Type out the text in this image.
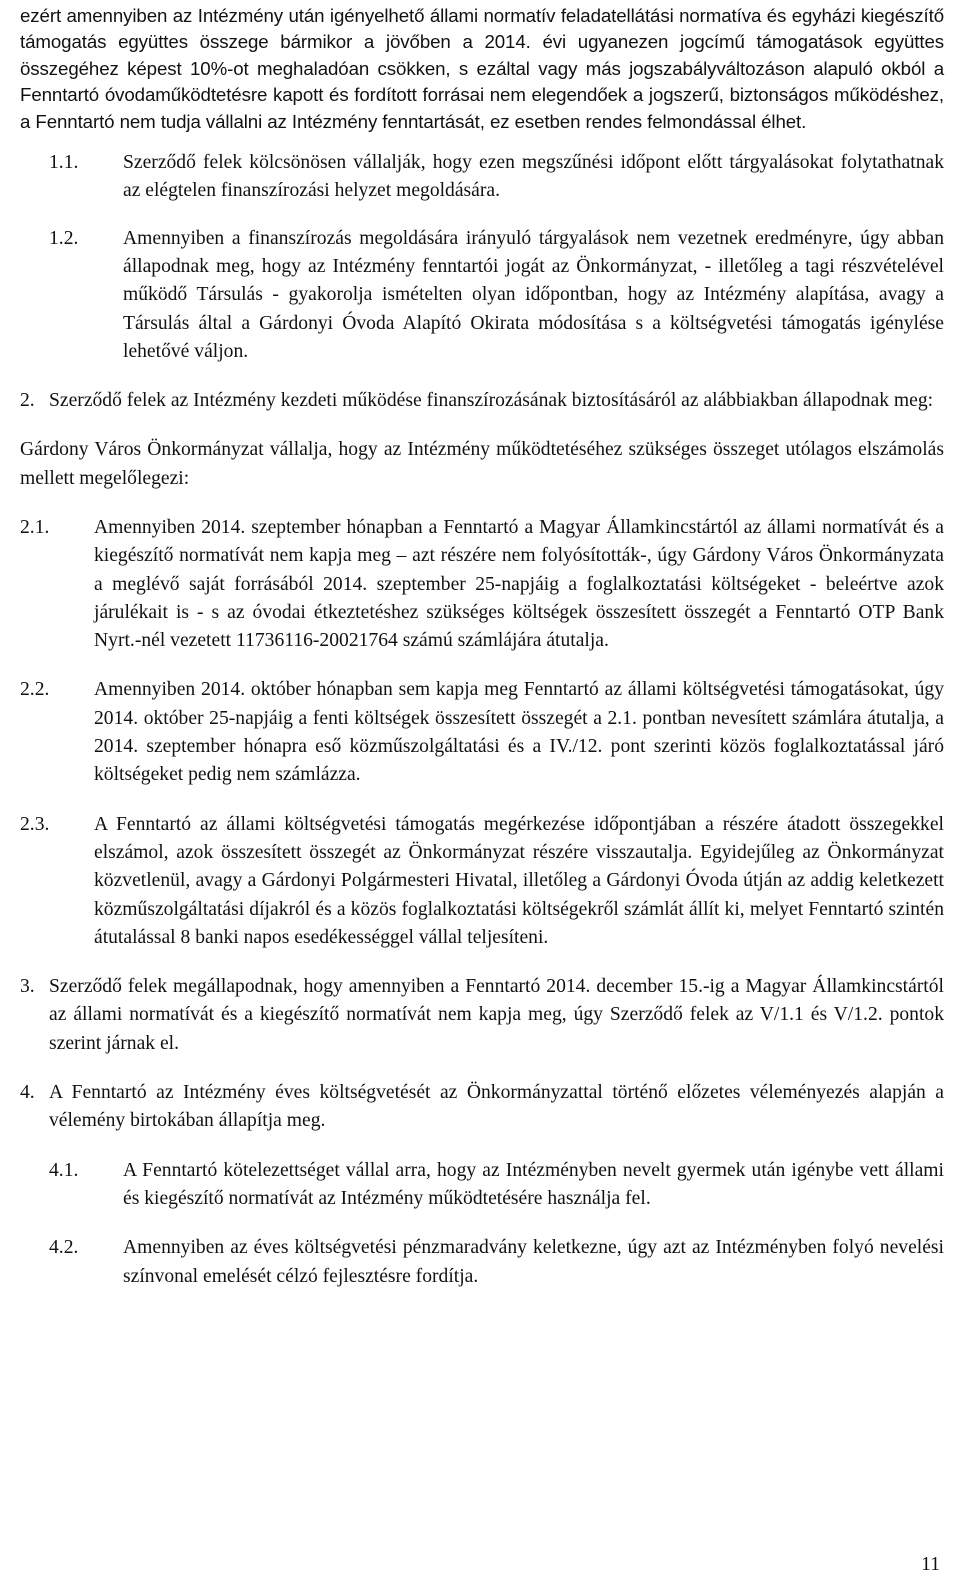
ezért amennyiben az Intézmény után igényelhető állami normatív feladatellátási normatíva és egyházi kiegészítő támogatás együttes összege bármikor a jövőben a 2014. évi ugyanezen jogcímű támogatások együttes összegéhez képest 10%-ot meghaladóan csökken, s ezáltal vagy más jogszabályváltozáson alapuló okból a Fenntartó óvodaműködtetésre kapott és fordított forrásai nem elegendőek a jogszerű, biztonságos működéshez, a Fenntartó nem tudja vállalni az Intézmény fenntartását, ez esetben rendes felmondással élhet.

1.1.	Szerződő felek kölcsönösen vállalják, hogy ezen megszűnési időpont előtt tárgyalásokat folytathatnak az elégtelen finanszírozási helyzet megoldására.

1.2.	Amennyiben a finanszírozás megoldására irányuló tárgyalások nem vezetnek eredményre, úgy abban állapodnak meg, hogy az Intézmény fenntartói jogát az Önkormányzat, - illetőleg a tagi részvételével működő Társulás - gyakorolja ismételten olyan időpontban, hogy az Intézmény alapítása, avagy a Társulás által a Gárdonyi Óvoda Alapító Okirata módosítása s a költségvetési támogatás igénylése lehetővé váljon.

2. Szerződő felek az Intézmény kezdeti működése finanszírozásának biztosításáról az alábbiakban állapodnak meg:

Gárdony Város Önkormányzat vállalja, hogy az Intézmény működtetéséhez szükséges összeget utólagos elszámolás mellett megelőlegezi:

2.1.	Amennyiben 2014. szeptember hónapban a Fenntartó a Magyar Államkincstártól az állami normatívát és a kiegészítő normatívát nem kapja meg – azt részére nem folyósították-, úgy Gárdony Város Önkormányzata a meglévő saját forrásából 2014. szeptember 25-napjáig a foglalkoztatási költségeket - beleértve azok járulékait is - s az óvodai étkeztetéshez szükséges költségek összesített összegét a Fenntartó OTP Bank Nyrt.-nél vezetett 11736116-20021764 számú számlájára átutalja.

2.2.	Amennyiben 2014. október hónapban sem kapja meg Fenntartó az állami költségvetési támogatásokat, úgy 2014. október 25-napjáig a fenti költségek összesített összegét a 2.1. pontban nevesített számlára átutalja, a 2014. szeptember hónapra eső közműszolgáltatási és a IV./12. pont szerinti közös foglalkoztatással járó költségeket pedig nem számlázza.

2.3.	A Fenntartó az állami költségvetési támogatás megérkezése időpontjában a részére átadott összegekkel elszámol, azok összesített összegét az Önkormányzat részére visszautalja. Egyidejűleg az Önkormányzat közvetlenül, avagy a Gárdonyi Polgármesteri Hivatal, illetőleg a Gárdonyi Óvoda útján az addig keletkezett közműszolgáltatási díjakról és a közös foglalkoztatási költségekről számlát állít ki, melyet Fenntartó szintén átutalással 8 banki napos esedékességgel vállal teljesíteni.

3. Szerződő felek megállapodnak, hogy amennyiben a Fenntartó 2014. december 15.-ig a Magyar Államkincstártól az állami normatívát és a kiegészítő normatívát nem kapja meg, úgy Szerződő felek az V/1.1 és V/1.2. pontok szerint járnak el.

4. A Fenntartó az Intézmény éves költségvetését az Önkormányzattal történő előzetes véleményezés alapján a vélemény birtokában állapítja meg.

4.1.	A Fenntartó kötelezettséget vállal arra, hogy az Intézményben nevelt gyermek után igénybe vett állami és kiegészítő normatívát az Intézmény működtetésére használja fel.

4.2.	Amennyiben az éves költségvetési pénzmaradvány keletkezne, úgy azt az Intézményben folyó nevelési színvonal emelését célzó fejlesztésre fordítja.

11
